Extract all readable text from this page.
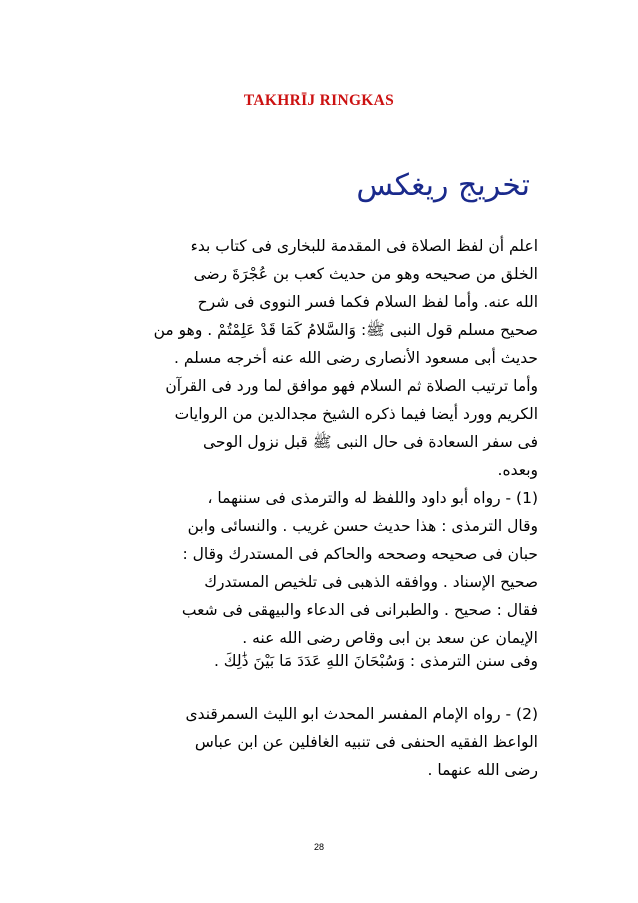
TAKHRĪJ RINGKAS
تخريج ريغكس
اعلم أن لفظ الصلاة فى المقدمة للبخارى فى كتاب بدء
الخلق من صحيحه وهو من حديث كعب بن عُجْرَةَ رضى
الله عنه. وأما لفظ السلام فكما فسر النووى فى شرح
صحيح مسلم قول النبى ﷺ: وَالسَّلامُ كَمَا قَدْ عَلِمْتُمْ . وهو من
حديث أبى مسعود الأنصارى رضى الله عنه أخرجه مسلم .
وأما ترتيب الصلاة ثم السلام فهو موافق لما ورد فى القرآن
الكريم وورد أيضا فيما ذكره الشيخ مجدالدين من الروايات
فى سفر السعادة فى حال النبى ﷺ قبل نزول الوحى
وبعده.
(1) - رواه أبو داود واللفظ له والترمذى فى سننهما ،
وقال الترمذى : هذا حديث حسن غريب . والنسائى وابن
حبان فى صحيحه وصححه والحاكم فى المستدرك وقال :
صحيح الإسناد . ووافقه الذهبى فى تلخيص المستدرك
فقال : صحيح . والطبرانى فى الدعاء والبيهقى فى شعب
الإيمان عن سعد بن ابى وقاص رضى الله عنه .
وفى سنن الترمذى : وَسُبْحَانَ اللهِ عَدَدَ مَا بَيْنَ ذَٰلِكَ .
(2) - رواه الإمام المفسر المحدث ابو الليث السمرقندى
الواعظ الفقيه الحنفى فى تنبيه الغافلين عن ابن عباس
رضى الله عنهما .
28
